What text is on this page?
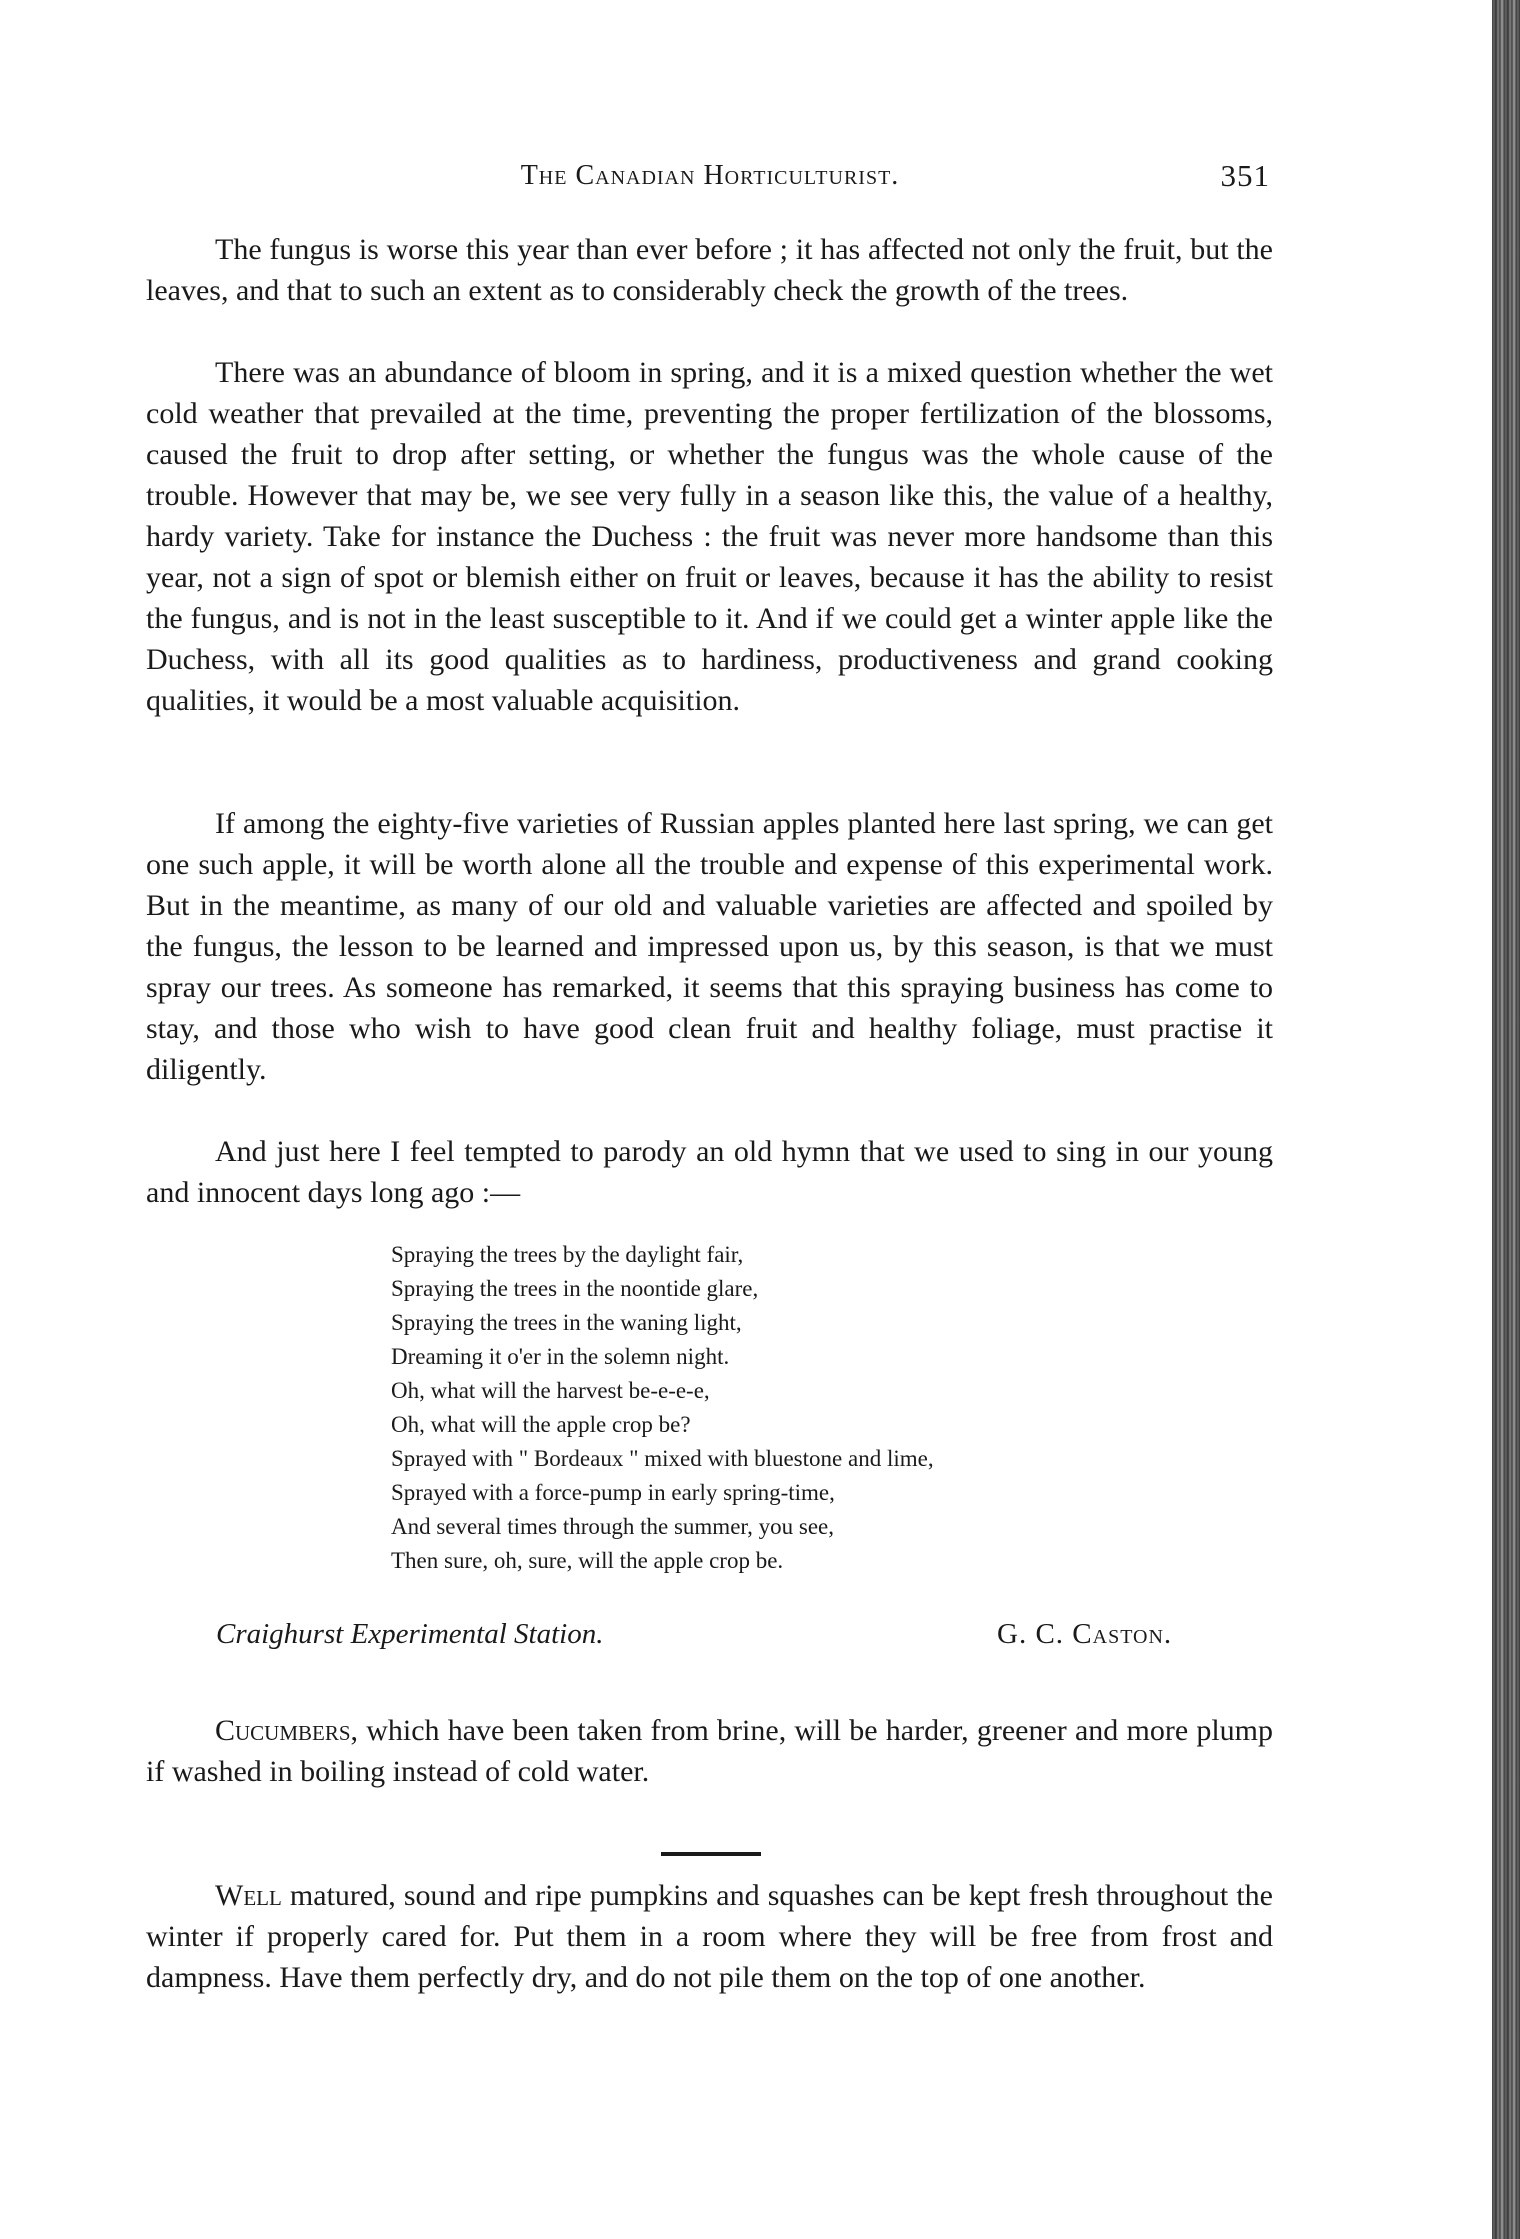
The Canadian Horticulturist.	351

The fungus is worse this year than ever before ; it has affected not only the fruit, but the leaves, and that to such an extent as to considerably check the growth of the trees.

There was an abundance of bloom in spring, and it is a mixed question whether the wet cold weather that prevailed at the time, preventing the proper fertilization of the blossoms, caused the fruit to drop after setting, or whether the fungus was the whole cause of the trouble. However that may be, we see very fully in a season like this, the value of a healthy, hardy variety. Take for instance the Duchess : the fruit was never more handsome than this year, not a sign of spot or blemish either on fruit or leaves, because it has the ability to resist the fungus, and is not in the least susceptible to it. And if we could get a winter apple like the Duchess, with all its good qualities as to hardiness, productiveness and grand cooking qualities, it would be a most valuable acquisition.

If among the eighty-five varieties of Russian apples planted here last spring, we can get one such apple, it will be worth alone all the trouble and expense of this experimental work. But in the meantime, as many of our old and valuable varieties are affected and spoiled by the fungus, the lesson to be learned and impressed upon us, by this season, is that we must spray our trees. As someone has remarked, it seems that this spraying business has come to stay, and those who wish to have good clean fruit and healthy foliage, must practise it diligently.

And just here I feel tempted to parody an old hymn that we used to sing in our young and innocent days long ago :—

Spraying the trees by the daylight fair,
Spraying the trees in the noontide glare,
Spraying the trees in the waning light,
Dreaming it o'er in the solemn night.
Oh, what will the harvest be-e-e-e,
Oh, what will the apple crop be?
Sprayed with " Bordeaux " mixed with bluestone and lime,
Sprayed with a force-pump in early spring-time,
And several times through the summer, you see,
Then sure, oh, sure, will the apple crop be.
Craighurst Experimental Station.	G. C. Caston.

Cucumbers, which have been taken from brine, will be harder, greener and more plump if washed in boiling instead of cold water.

Well matured, sound and ripe pumpkins and squashes can be kept fresh throughout the winter if properly cared for. Put them in a room where they will be free from frost and dampness. Have them perfectly dry, and do not pile them on the top of one another.
